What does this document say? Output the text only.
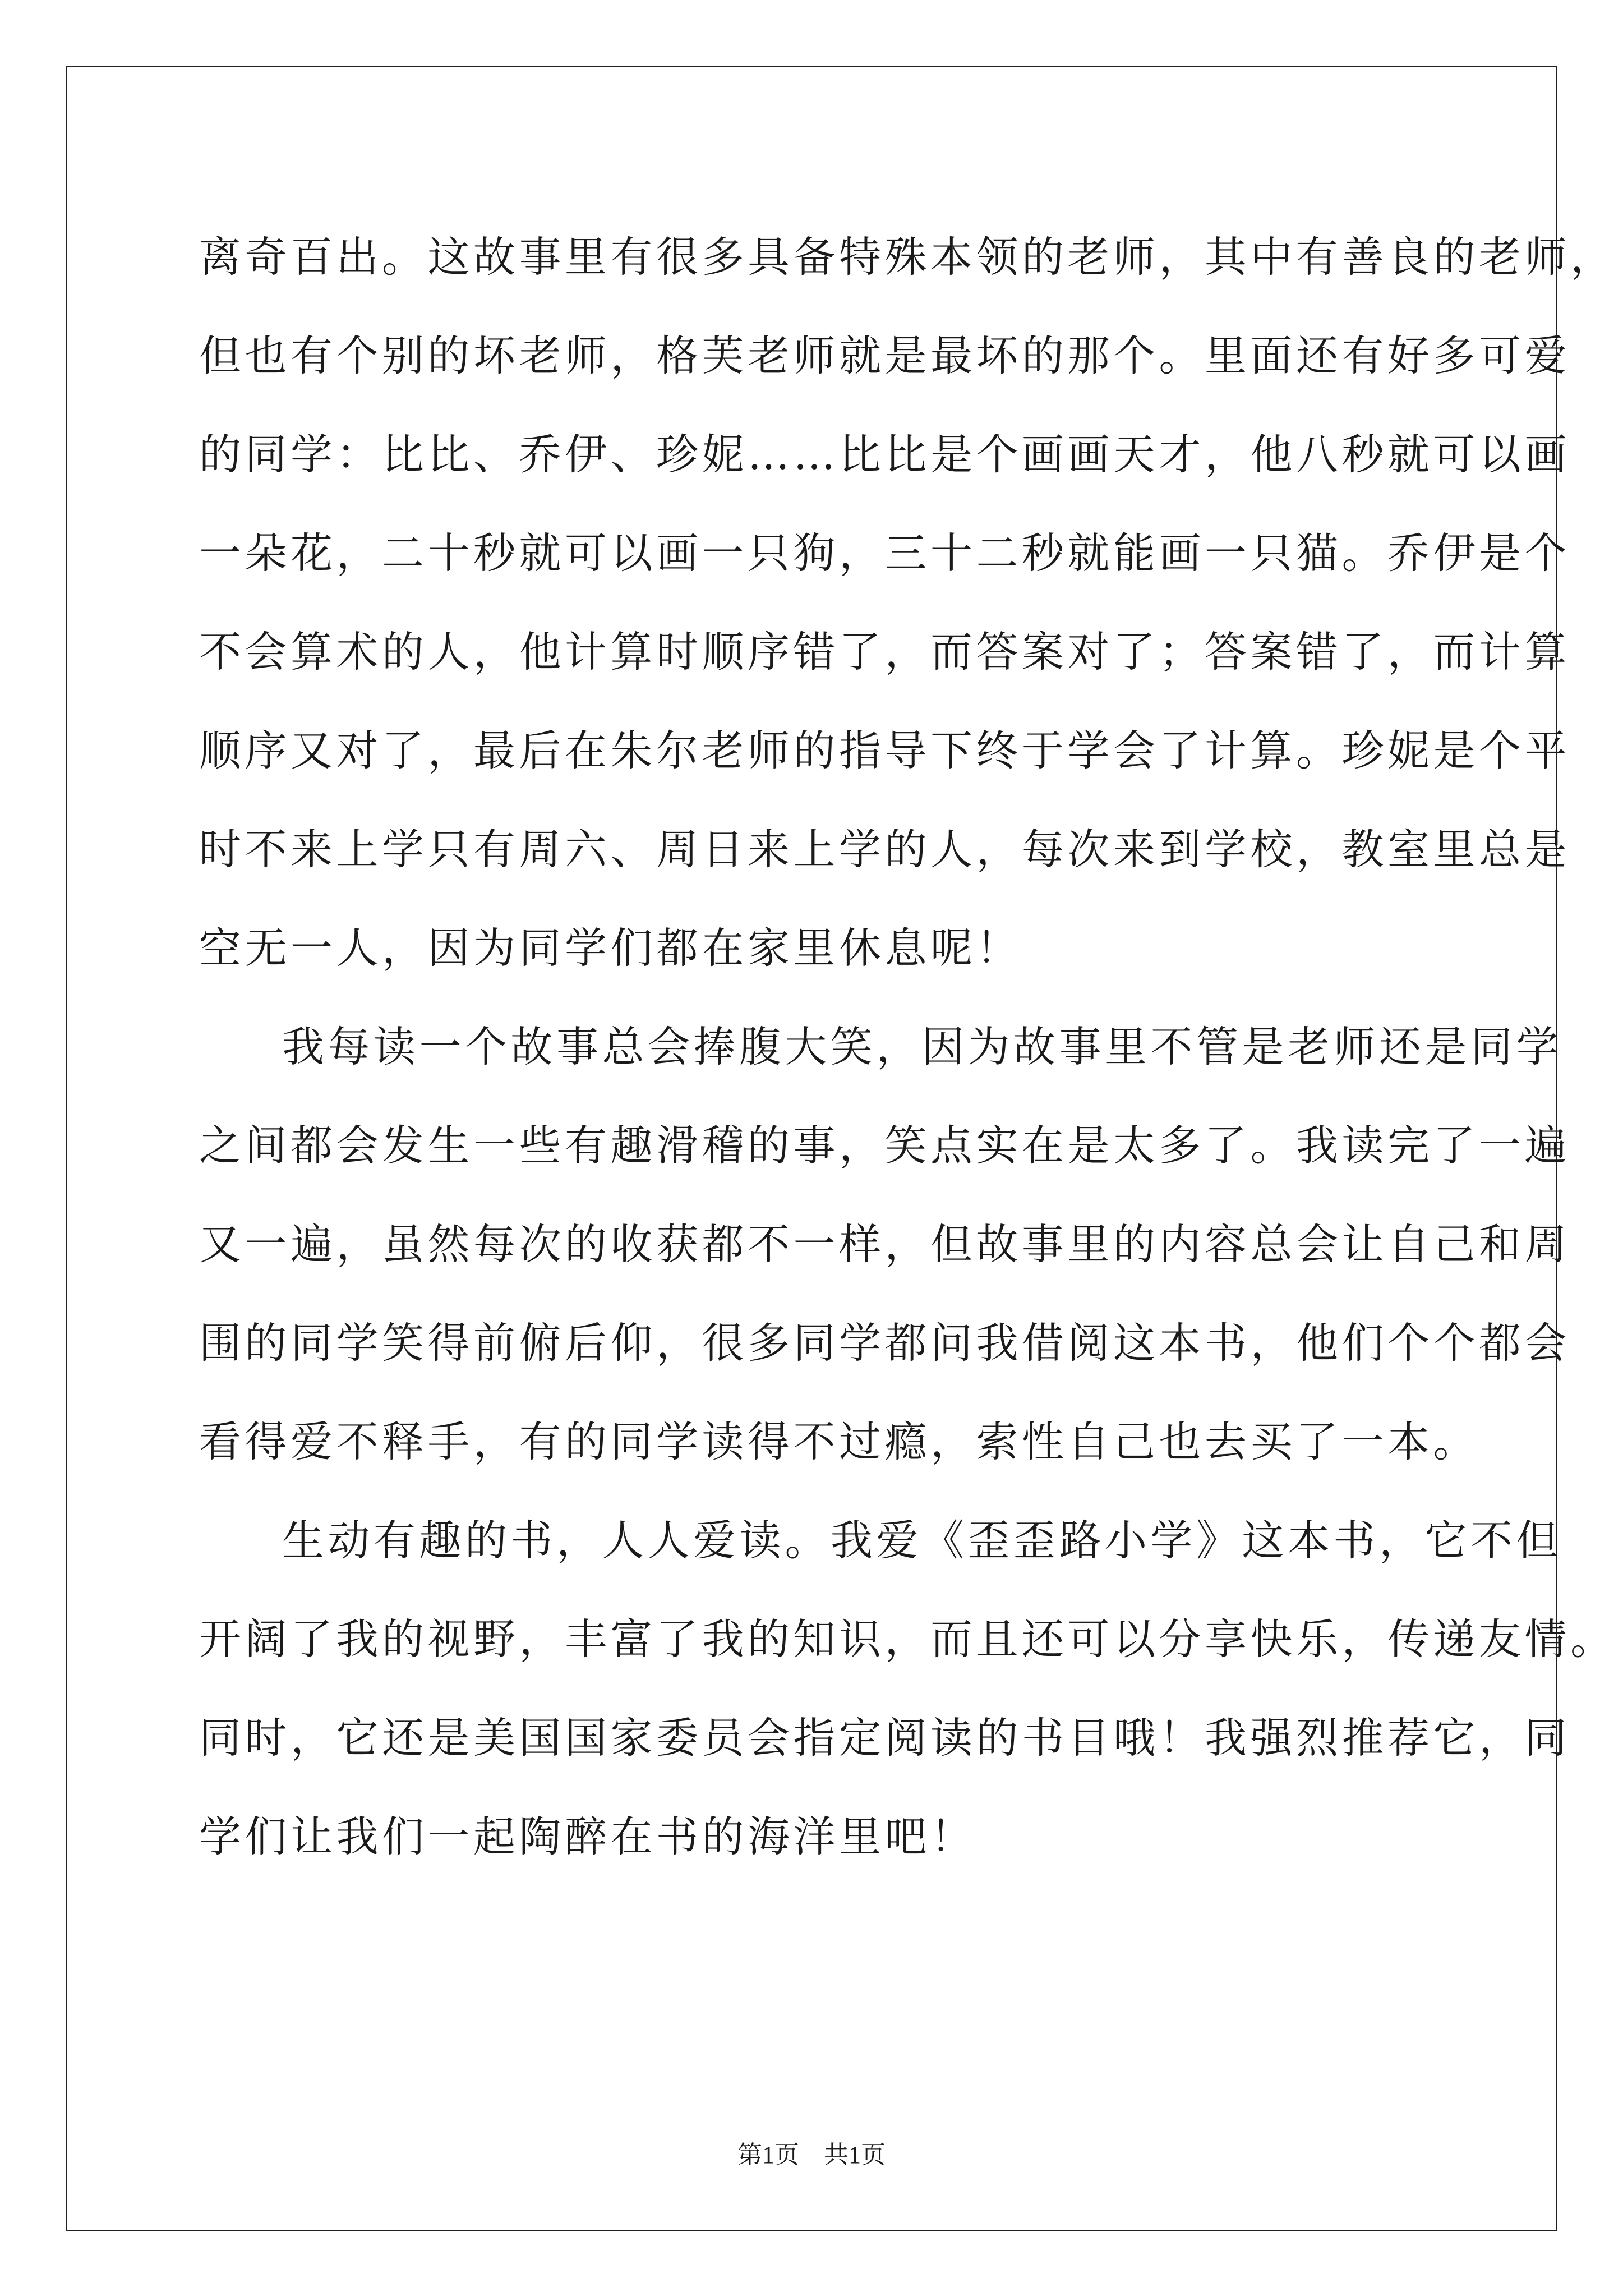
离奇百出。这故事里有很多具备特殊本领的老师，其中有善良的老师，
但也有个别的坏老师，格芙老师就是最坏的那个。里面还有好多可爱
的同学：比比、乔伊、珍妮……比比是个画画天才，他八秒就可以画
一朵花，二十秒就可以画一只狗，三十二秒就能画一只猫。乔伊是个
不会算术的人，他计算时顺序错了，而答案对了；答案错了，而计算
顺序又对了，最后在朱尔老师的指导下终于学会了计算。珍妮是个平
时不来上学只有周六、周日来上学的人，每次来到学校，教室里总是
空无一人，因为同学们都在家里休息呢！
我每读一个故事总会捧腹大笑，因为故事里不管是老师还是同学
之间都会发生一些有趣滑稽的事，笑点实在是太多了。我读完了一遍
又一遍，虽然每次的收获都不一样，但故事里的内容总会让自己和周
围的同学笑得前俯后仰，很多同学都问我借阅这本书，他们个个都会
看得爱不释手，有的同学读得不过瘾，索性自己也去买了一本。
生动有趣的书，人人爱读。我爱《歪歪路小学》这本书，它不但
开阔了我的视野，丰富了我的知识，而且还可以分享快乐，传递友情。
同时，它还是美国国家委员会指定阅读的书目哦！我强烈推荐它，同
学们让我们一起陶醉在书的海洋里吧！
第1页 共1页
